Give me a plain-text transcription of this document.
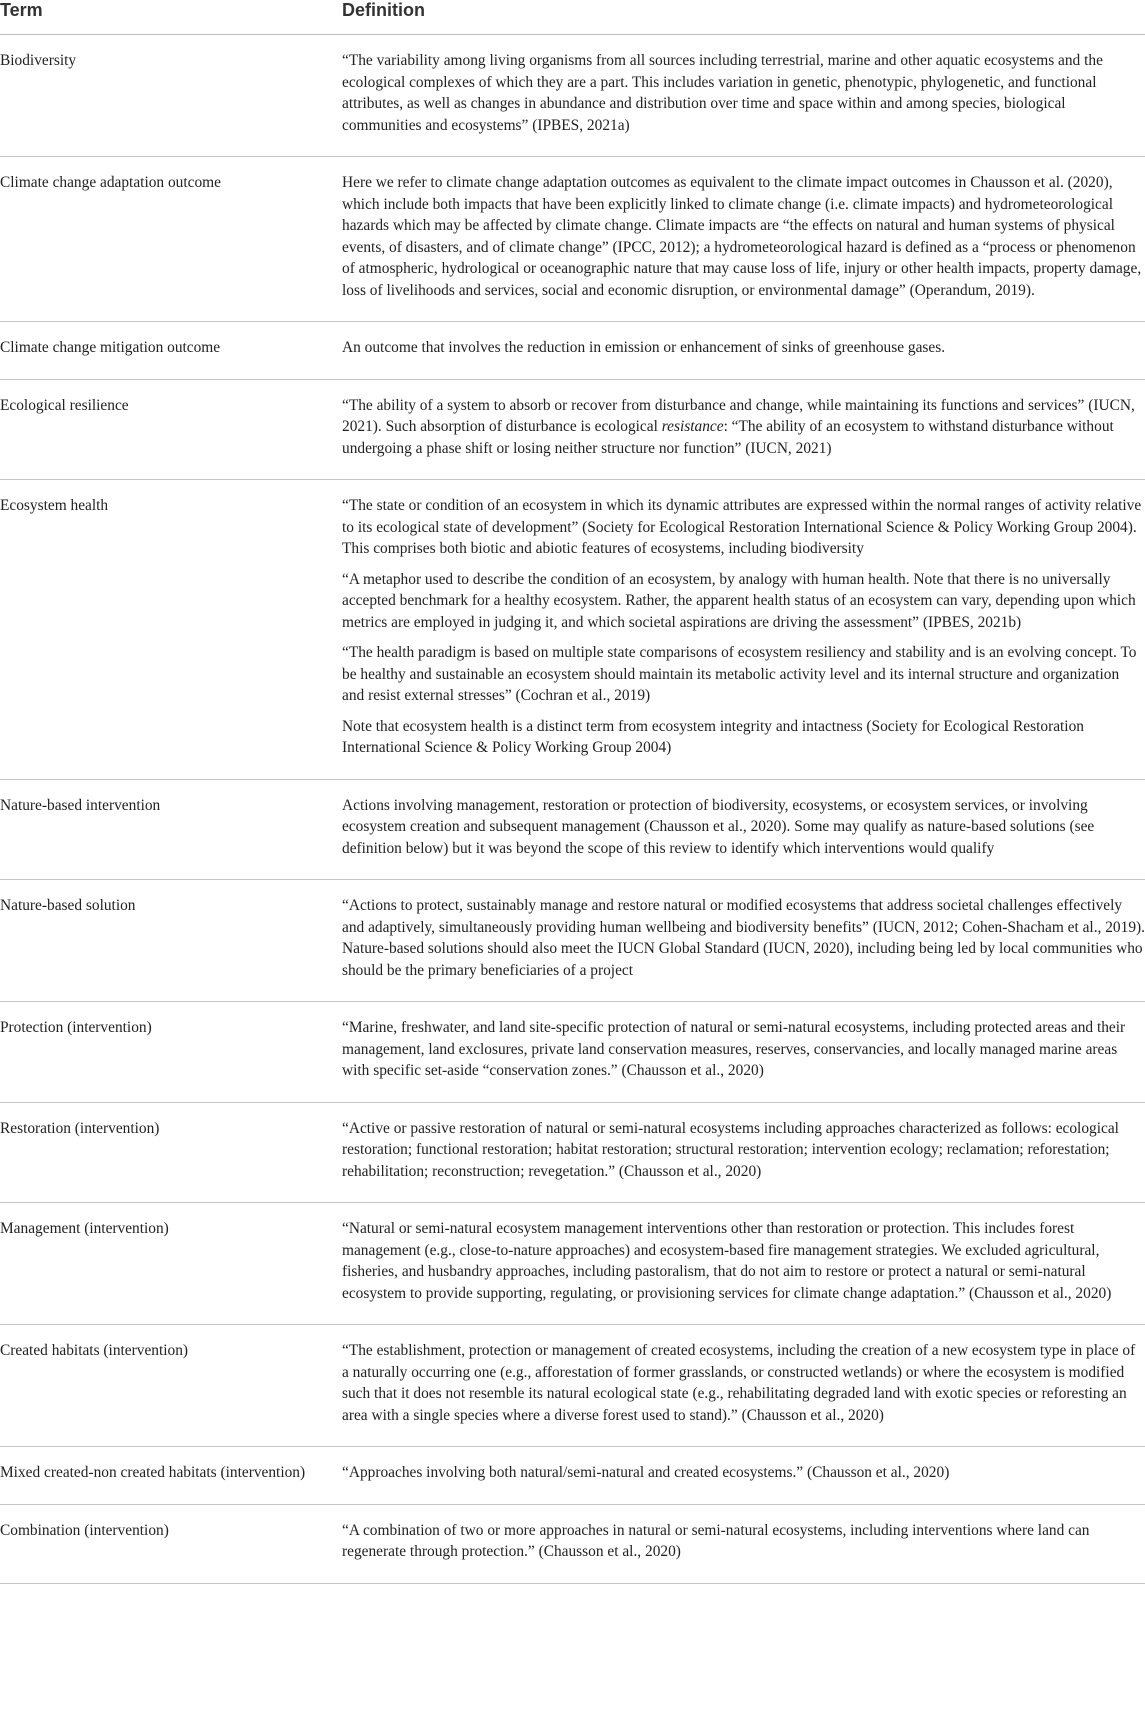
Term	Definition
Biodiversity	“The variability among living organisms from all sources including terrestrial, marine and other aquatic ecosystems and the ecological complexes of which they are a part. This includes variation in genetic, phenotypic, phylogenetic, and functional attributes, as well as changes in abundance and distribution over time and space within and among species, biological communities and ecosystems” (IPBES, 2021a)

Climate change adaptation outcome	Here we refer to climate change adaptation outcomes as equivalent to the climate impact outcomes in Chausson et al. (2020), which include both impacts that have been explicitly linked to climate change (i.e. climate impacts) and hydrometeorological hazards which may be affected by climate change. Climate impacts are “the effects on natural and human systems of physical events, of disasters, and of climate change” (IPCC, 2012); a hydrometeorological hazard is defined as a “process or phenomenon of atmospheric, hydrological or oceanographic nature that may cause loss of life, injury or other health impacts, property damage, loss of livelihoods and services, social and economic disruption, or environmental damage” (Operandum, 2019).

Climate change mitigation outcome	An outcome that involves the reduction in emission or enhancement of sinks of greenhouse gases.

Ecological resilience	“The ability of a system to absorb or recover from disturbance and change, while maintaining its functions and services” (IUCN, 2021). Such absorption of disturbance is ecological resistance: “The ability of an ecosystem to withstand disturbance without undergoing a phase shift or losing neither structure nor function” (IUCN, 2021)

Ecosystem health	“The state or condition of an ecosystem in which its dynamic attributes are expressed within the normal ranges of activity relative to its ecological state of development” (Society for Ecological Restoration International Science & Policy Working Group 2004). This comprises both biotic and abiotic features of ecosystems, including biodiversity
“A metaphor used to describe the condition of an ecosystem, by analogy with human health. Note that there is no universally accepted benchmark for a healthy ecosystem. Rather, the apparent health status of an ecosystem can vary, depending upon which metrics are employed in judging it, and which societal aspirations are driving the assessment” (IPBES, 2021b)
“The health paradigm is based on multiple state comparisons of ecosystem resiliency and stability and is an evolving concept. To be healthy and sustainable an ecosystem should maintain its metabolic activity level and its internal structure and organization and resist external stresses” (Cochran et al., 2019)
Note that ecosystem health is a distinct term from ecosystem integrity and intactness (Society for Ecological Restoration International Science & Policy Working Group 2004)

Nature-based intervention	Actions involving management, restoration or protection of biodiversity, ecosystems, or ecosystem services, or involving ecosystem creation and subsequent management (Chausson et al., 2020). Some may qualify as nature-based solutions (see definition below) but it was beyond the scope of this review to identify which interventions would qualify

Nature-based solution	“Actions to protect, sustainably manage and restore natural or modified ecosystems that address societal challenges effectively and adaptively, simultaneously providing human wellbeing and biodiversity benefits” (IUCN, 2012; Cohen-Shacham et al., 2019). Nature-based solutions should also meet the IUCN Global Standard (IUCN, 2020), including being led by local communities who should be the primary beneficiaries of a project

Protection (intervention)	“Marine, freshwater, and land site-specific protection of natural or semi-natural ecosystems, including protected areas and their management, land exclosures, private land conservation measures, reserves, conservancies, and locally managed marine areas with specific set-aside “conservation zones.” (Chausson et al., 2020)

Restoration (intervention)	“Active or passive restoration of natural or semi-natural ecosystems including approaches characterized as follows: ecological restoration; functional restoration; habitat restoration; structural restoration; intervention ecology; reclamation; reforestation; rehabilitation; reconstruction; revegetation.” (Chausson et al., 2020)

Management (intervention)	“Natural or semi-natural ecosystem management interventions other than restoration or protection. This includes forest management (e.g., close-to-nature approaches) and ecosystem-based fire management strategies. We excluded agricultural, fisheries, and husbandry approaches, including pastoralism, that do not aim to restore or protect a natural or semi-natural ecosystem to provide supporting, regulating, or provisioning services for climate change adaptation.” (Chausson et al., 2020)

Created habitats (intervention)	“The establishment, protection or management of created ecosystems, including the creation of a new ecosystem type in place of a naturally occurring one (e.g., afforestation of former grasslands, or constructed wetlands) or where the ecosystem is modified such that it does not resemble its natural ecological state (e.g., rehabilitating degraded land with exotic species or reforesting an area with a single species where a diverse forest used to stand).” (Chausson et al., 2020)

Mixed created-non created habitats (intervention)	“Approaches involving both natural/semi-natural and created ecosystems.” (Chausson et al., 2020)

Combination (intervention)	“A combination of two or more approaches in natural or semi-natural ecosystems, including interventions where land can regenerate through protection.” (Chausson et al., 2020)
